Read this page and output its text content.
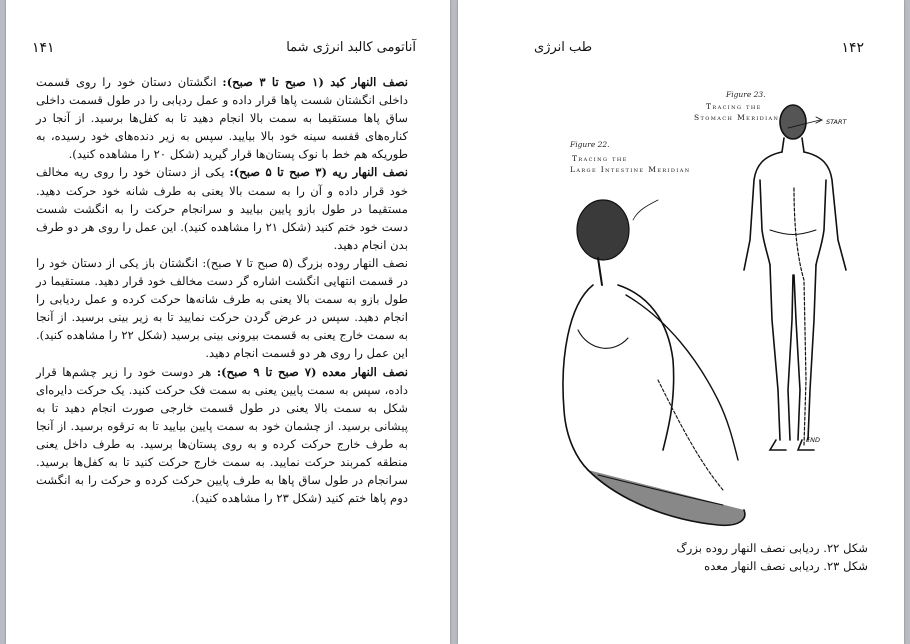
۱۴۱	آناتومی کالبد انرژی شما

نصف النهار کبد (۱ صبح تا ۳ صبح): انگشتان دستان خود را روی قسمت داخلی انگشتان شست پاها قرار داده و عمل ردیابی را در طول قسمت داخلی ساق پاها مستقیما به سمت بالا انجام دهید تا به کفل‌ها برسید. از آنجا در کناره‌های قفسه سینه خود بالا بیایید. سپس به زیر دنده‌های خود رسیده، به طوریکه هم خط با نوک پستان‌ها قرار گیرید (شکل ۲۰ را مشاهده کنید).

نصف النهار ریه (۳ صبح تا ۵ صبح): یکی از دستان خود را روی ریه مخالف خود قرار داده و آن را به سمت بالا یعنی به طرف شانه خود حرکت دهید. مستقیما در طول بازو پایین بیایید و سرانجام حرکت را به انگشت شست دست خود ختم کنید (شکل ۲۱ را مشاهده کنید). این عمل را روی هر دو طرف بدن انجام دهید.

نصف النهار روده بزرگ (۵ صبح تا ۷ صبح): انگشتان باز یکی از دستان خود را در قسمت انتهایی انگشت اشاره گر دست مخالف خود قرار دهید. مستقیما در طول بازو به سمت بالا یعنی به طرف شانه‌ها حرکت کرده و عمل ردیابی را انجام دهید. سپس در عرض گردن حرکت نمایید تا به زیر بینی برسید. از آنجا به سمت خارج یعنی به قسمت بیرونی بینی برسید (شکل ۲۲ را مشاهده کنید). این عمل را روی هر دو قسمت انجام دهید.

نصف النهار معده (۷ صبح تا ۹ صبح): هر دوست خود را زیر چشم‌ها قرار داده، سپس به سمت پایین یعنی به سمت فک حرکت کنید. یک حرکت دایره‌ای شکل به سمت بالا یعنی در طول قسمت خارجی صورت انجام دهید تا به پیشانی برسید. از چشمان خود به سمت پایین بیایید تا به ترقوه برسید. از آنجا به طرف خارج حرکت کرده و به روی پستان‌ها برسید. به طرف داخل یعنی منطقه کمربند حرکت نمایید. به سمت خارج حرکت کنید تا به کفل‌ها برسید. سرانجام در طول ساق پاها به طرف پایین حرکت کرده و حرکت را به انگشت دوم پاها ختم کنید (شکل ۲۳ را مشاهده کنید).

طب انرژی	۱۴۲
Figure 23.
Tracing the
Stomach Meridian
Figure 22.
Tracing the
Large Intestine Meridian
START
END
شکل ۲۲. ردیابی نصف النهار روده بزرگ
شکل ۲۳. ردیابی نصف النهار معده
